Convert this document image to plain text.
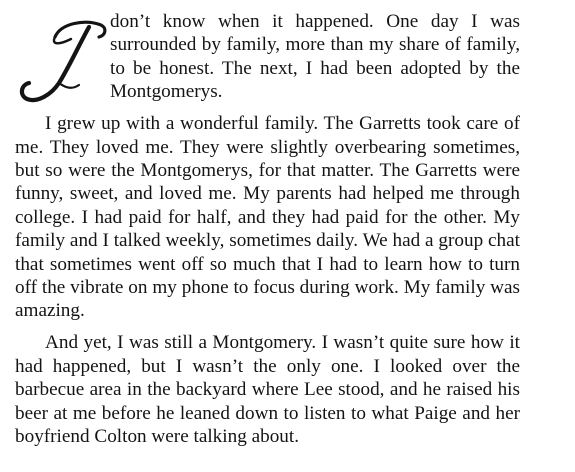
don’t know when it happened. One day I was surrounded by family, more than my share of family, to be honest. The next, I had been adopted by the Montgomerys.

I grew up with a wonderful family. The Garretts took care of me. They loved me. They were slightly overbearing sometimes, but so were the Montgomerys, for that matter. The Garretts were funny, sweet, and loved me. My parents had helped me through college. I had paid for half, and they had paid for the other. My family and I talked weekly, sometimes daily. We had a group chat that sometimes went off so much that I had to learn how to turn off the vibrate on my phone to focus during work. My family was amazing.

And yet, I was still a Montgomery. I wasn’t quite sure how it had happened, but I wasn’t the only one. I looked over the barbecue area in the backyard where Lee stood, and he raised his beer at me before he leaned down to listen to what Paige and her boyfriend Colton were talking about.
